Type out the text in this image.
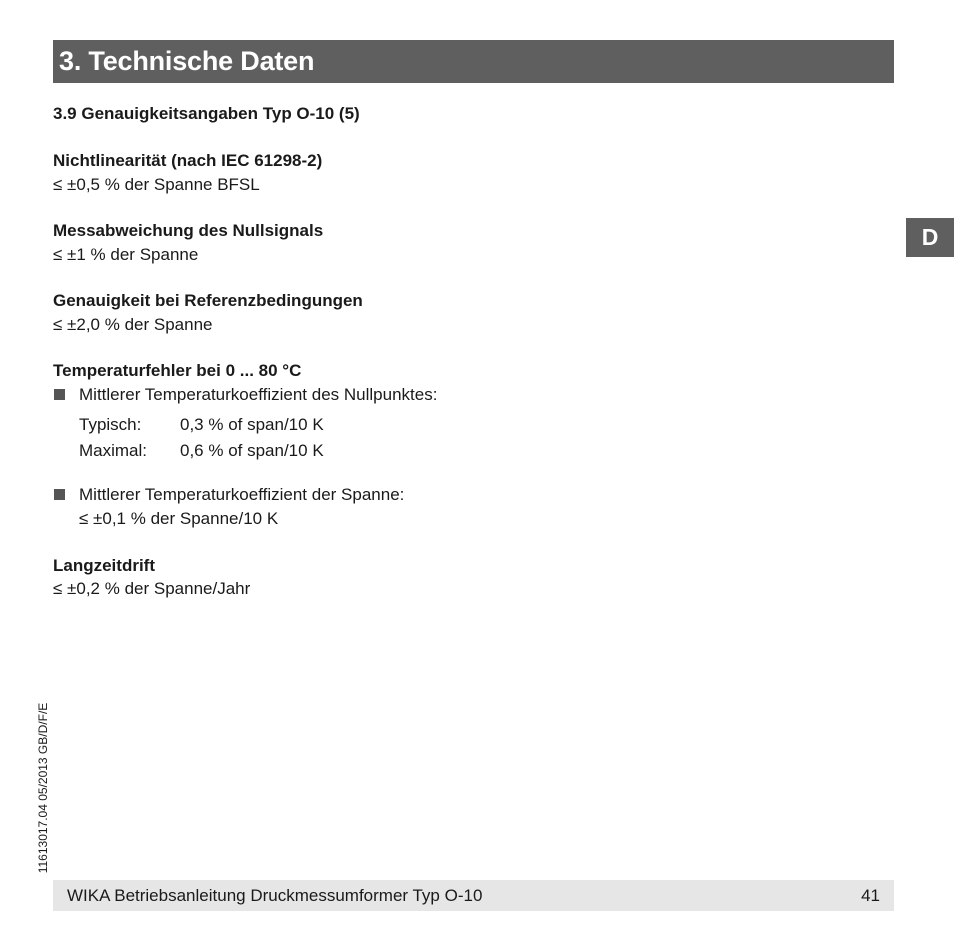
3. Technische Daten
D
3.9 Genauigkeitsangaben Typ O-10 (5)
Nichtlinearität (nach IEC 61298-2)
≤ ±0,5 % der Spanne BFSL
Messabweichung des Nullsignals
≤ ±1 % der Spanne
Genauigkeit bei Referenzbedingungen
≤ ±2,0 % der Spanne
Temperaturfehler bei 0 ... 80 °C
Mittlerer Temperaturkoeffizient des Nullpunktes:
Typisch: 0,3 % of span/10 K
Maximal: 0,6 % of span/10 K
Mittlerer Temperaturkoeffizient der Spanne:
≤ ±0,1 % der Spanne/10 K
Langzeitdrift
≤ ±0,2 % der Spanne/Jahr
11613017.04 05/2013 GB/D/F/E
WIKA Betriebsanleitung Druckmessumformer Typ O-10	41
